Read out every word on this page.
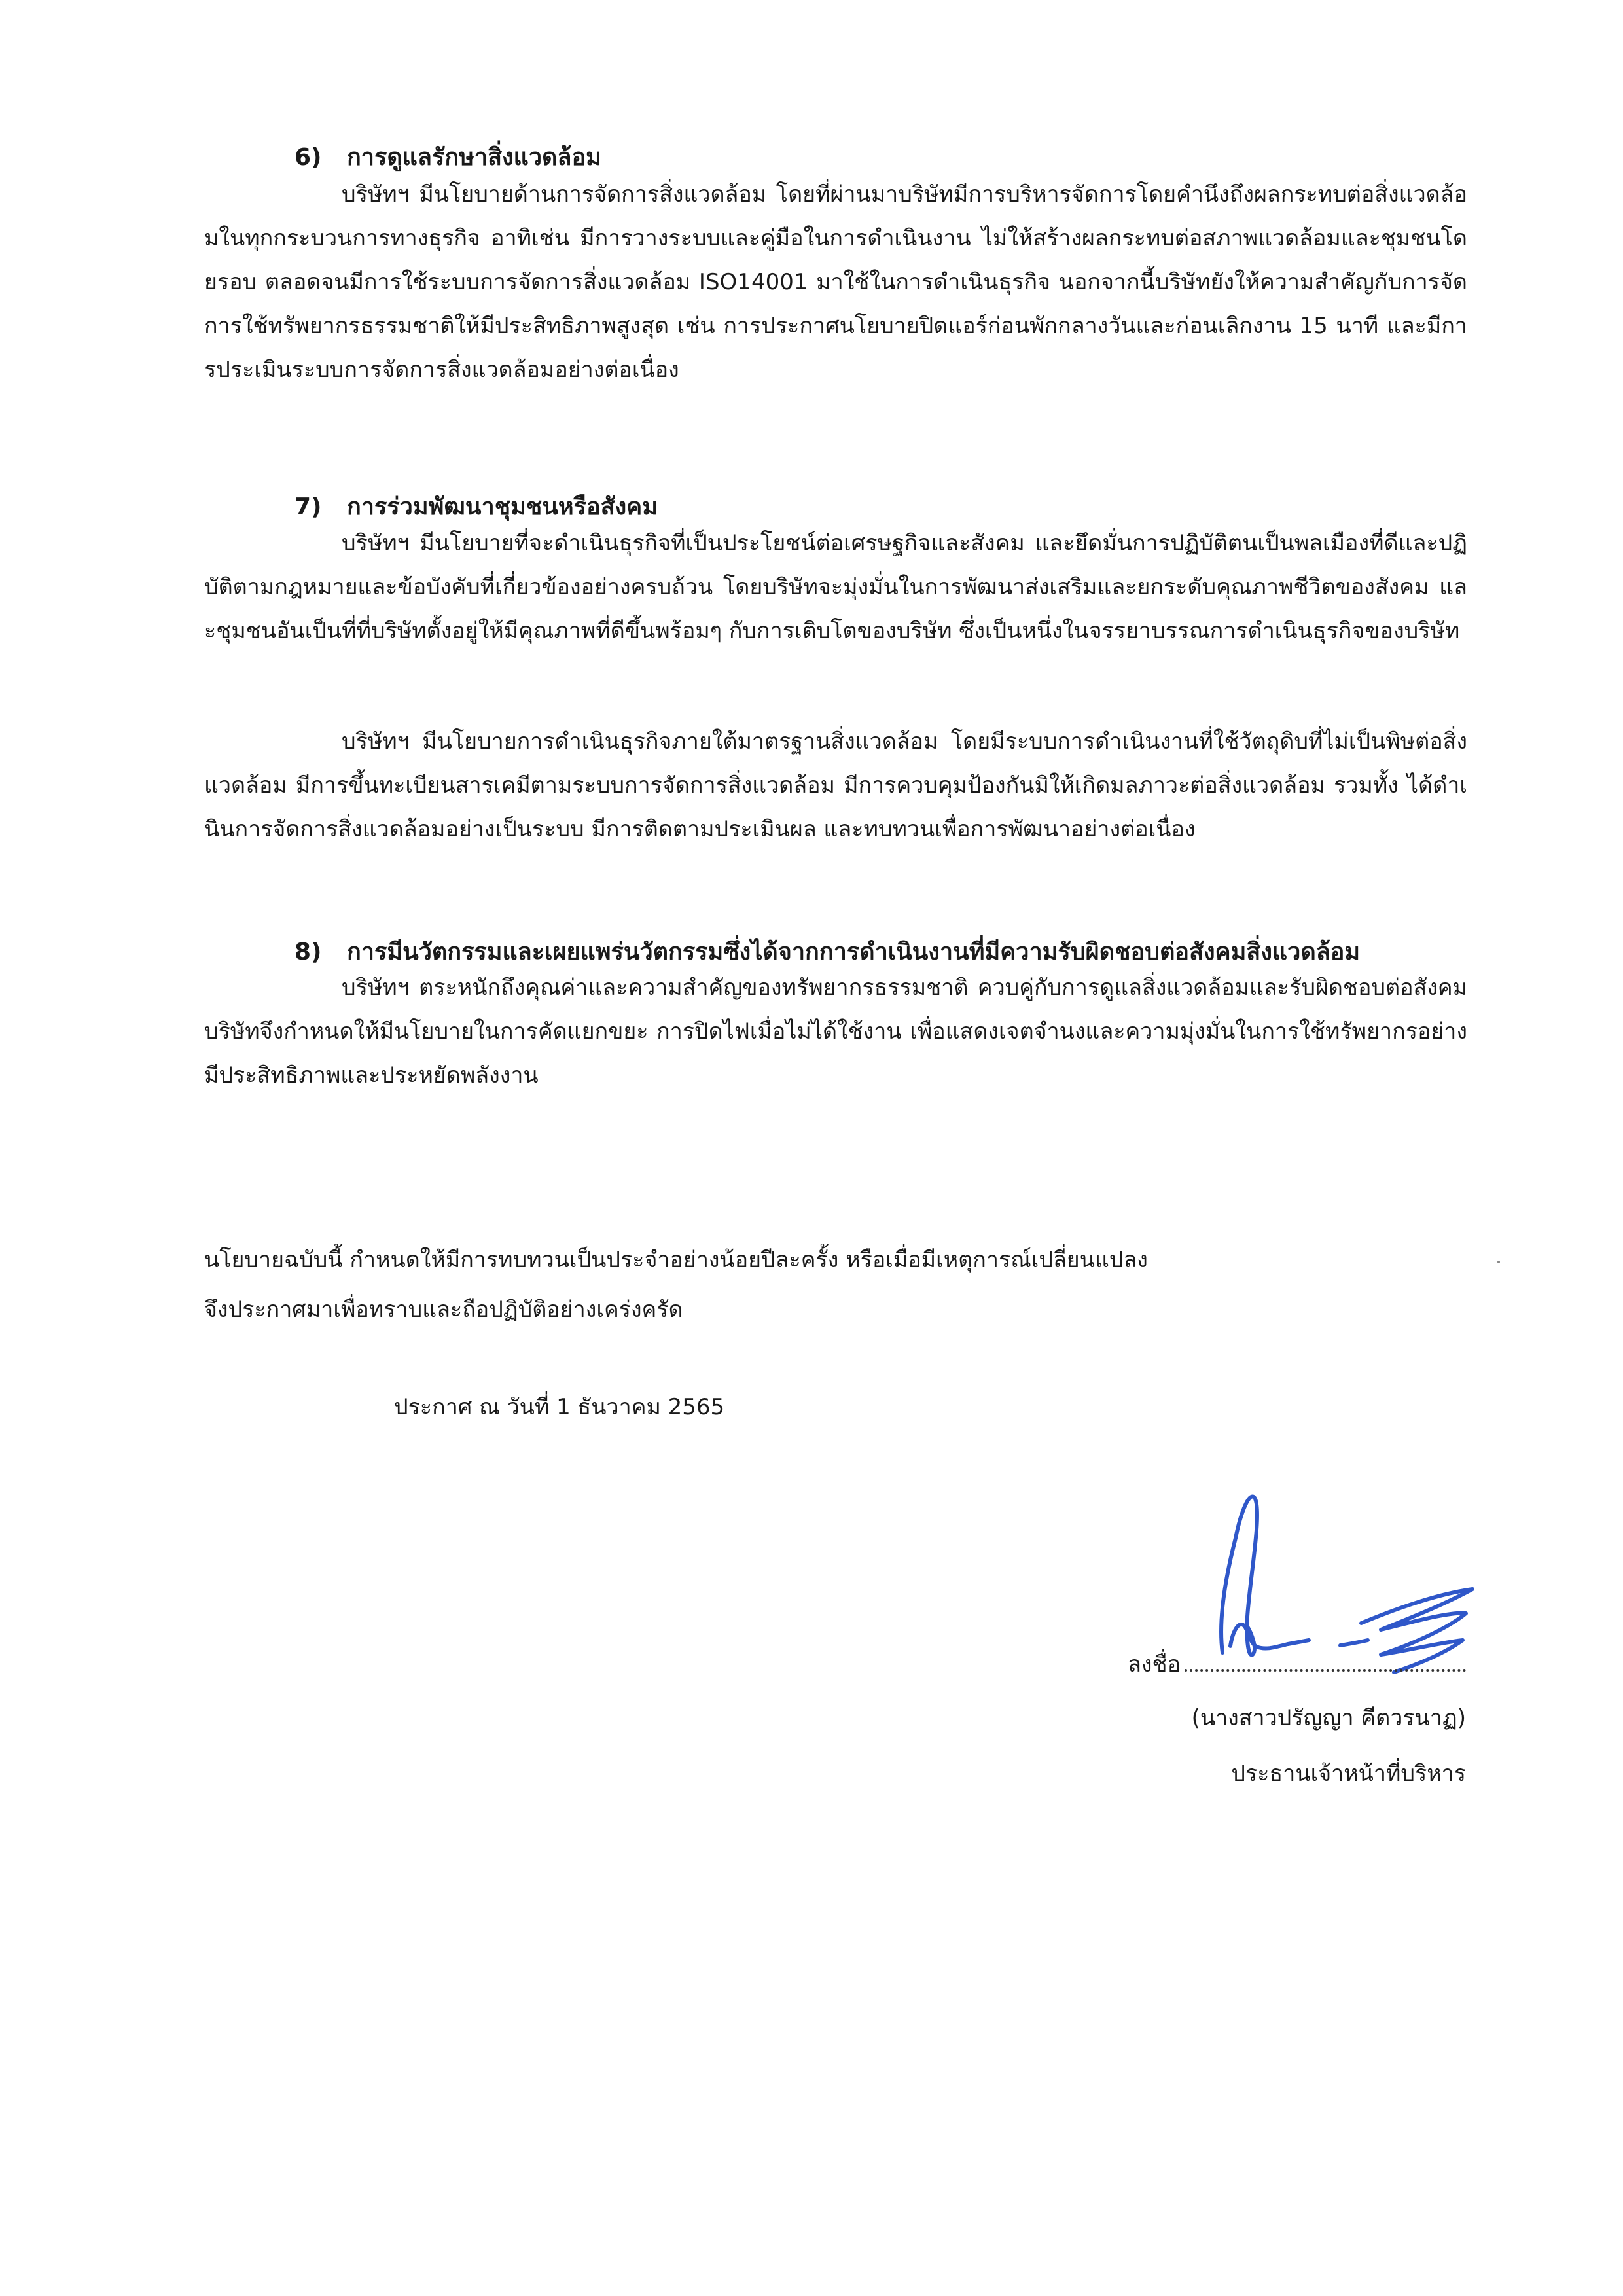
6) การดูแลรักษาสิ่งแวดล้อม

บริษัทฯ มีนโยบายด้านการจัดการสิ่งแวดล้อม โดยที่ผ่านมาบริษัทมีการบริหารจัดการโดยคำนึงถึงผลกระทบต่อสิ่งแวดล้อมในทุกกระบวนการทางธุรกิจ อาทิเช่น มีการวางระบบและคู่มือในการดำเนินงาน ไม่ให้สร้างผลกระทบต่อสภาพแวดล้อมและชุมชนโดยรอบ ตลอดจนมีการใช้ระบบการจัดการสิ่งแวดล้อม ISO14001 มาใช้ในการดำเนินธุรกิจ นอกจากนี้บริษัทยังให้ความสำคัญกับการจัดการใช้ทรัพยากรธรรมชาติให้มีประสิทธิภาพสูงสุด เช่น การประกาศนโยบายปิดแอร์ก่อนพักกลางวันและก่อนเลิกงาน 15 นาที และมีการประเมินระบบการจัดการสิ่งแวดล้อมอย่างต่อเนื่อง

7) การร่วมพัฒนาชุมชนหรือสังคม

บริษัทฯ มีนโยบายที่จะดำเนินธุรกิจที่เป็นประโยชน์ต่อเศรษฐกิจและสังคม และยึดมั่นการปฏิบัติตนเป็นพลเมืองที่ดีและปฏิบัติตามกฎหมายและข้อบังคับที่เกี่ยวข้องอย่างครบถ้วน โดยบริษัทจะมุ่งมั่นในการพัฒนาส่งเสริมและยกระดับคุณภาพชีวิตของสังคม และชุมชนอันเป็นที่ที่บริษัทตั้งอยู่ให้มีคุณภาพที่ดีขึ้นพร้อมๆ กับการเติบโตของบริษัท ซึ่งเป็นหนึ่งในจรรยาบรรณการดำเนินธุรกิจของบริษัท

บริษัทฯ มีนโยบายการดำเนินธุรกิจภายใต้มาตรฐานสิ่งแวดล้อม โดยมีระบบการดำเนินงานที่ใช้วัตถุดิบที่ไม่เป็นพิษต่อสิ่งแวดล้อม มีการขึ้นทะเบียนสารเคมีตามระบบการจัดการสิ่งแวดล้อม มีการควบคุมป้องกันมิให้เกิดมลภาวะต่อสิ่งแวดล้อม รวมทั้ง ได้ดำเนินการจัดการสิ่งแวดล้อมอย่างเป็นระบบ มีการติดตามประเมินผล และทบทวนเพื่อการพัฒนาอย่างต่อเนื่อง

8) การมีนวัตกรรมและเผยแพร่นวัตกรรมซึ่งได้จากการดำเนินงานที่มีความรับผิดชอบต่อสังคมสิ่งแวดล้อม

บริษัทฯ ตระหนักถึงคุณค่าและความสำคัญของทรัพยากรธรรมชาติ ควบคู่กับการดูแลสิ่งแวดล้อมและรับผิดชอบต่อสังคม บริษัทจึงกำหนดให้มีนโยบายในการคัดแยกขยะ การปิดไฟเมื่อไม่ได้ใช้งาน เพื่อแสดงเจตจำนงและความมุ่งมั่นในการใช้ทรัพยากรอย่างมีประสิทธิภาพและประหยัดพลังงาน

นโยบายฉบับนี้ กำหนดให้มีการทบทวนเป็นประจำอย่างน้อยปีละครั้ง หรือเมื่อมีเหตุการณ์เปลี่ยนแปลง
จึงประกาศมาเพื่อทราบและถือปฏิบัติอย่างเคร่งครัด
ประกาศ ณ วันที่ 1 ธันวาคม 2565
ลงชื่อ
(นางสาวปรัญญา คีตวรนาฏ)
ประธานเจ้าหน้าที่บริหาร
